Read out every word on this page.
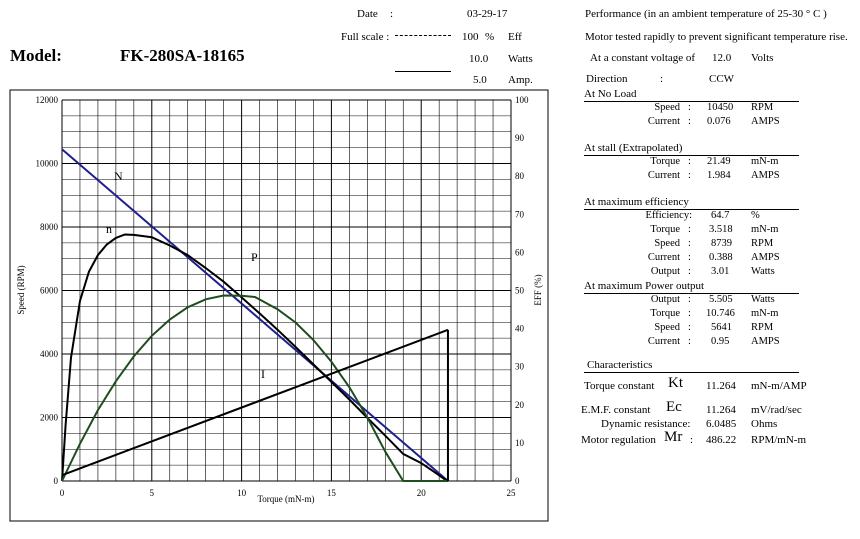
Model:	FK-280SA-18165
Date :	03-29-17
Full scale :	100 % Eff
10.0 Watts
5.0 Amp.
0	5	10	15	20	25
0
2000
4000
6000
8000
10000
12000
0
10
20
30
40
50
60
70
80
90
100
Torque (mN-m)
Speed (RPM)	EFF (%)
N
n
P
I
Performance (in an ambient temperature of 25-30 ° C )
Motor tested rapidly to prevent significant temperature rise.
At a constant voltage of 12.0 Volts
Direction	:	CCW
At No Load
Speed : 10450 RPM
Current : 0.076 AMPS
At stall (Extrapolated)
Torque : 21.49 mN-m
Current : 1.984 AMPS
At maximum efficiency
Efficiency: 64.7 %
Torque : 3.518 mN-m
Speed : 8739 RPM
Current : 0.388 AMPS
Output : 3.01 Watts
At maximum Power output
Output : 5.505 Watts
Torque : 10.746 mN-m
Speed : 5641 RPM
Current : 0.95 AMPS
Characteristics
Torque constant Kt 11.264 mN-m/AMP
E.M.F. constant Ec 11.264 mV/rad/sec
Dynamic resistance: 6.0485 Ohms
Motor regulation Mr : 486.22 RPM/mN-m
